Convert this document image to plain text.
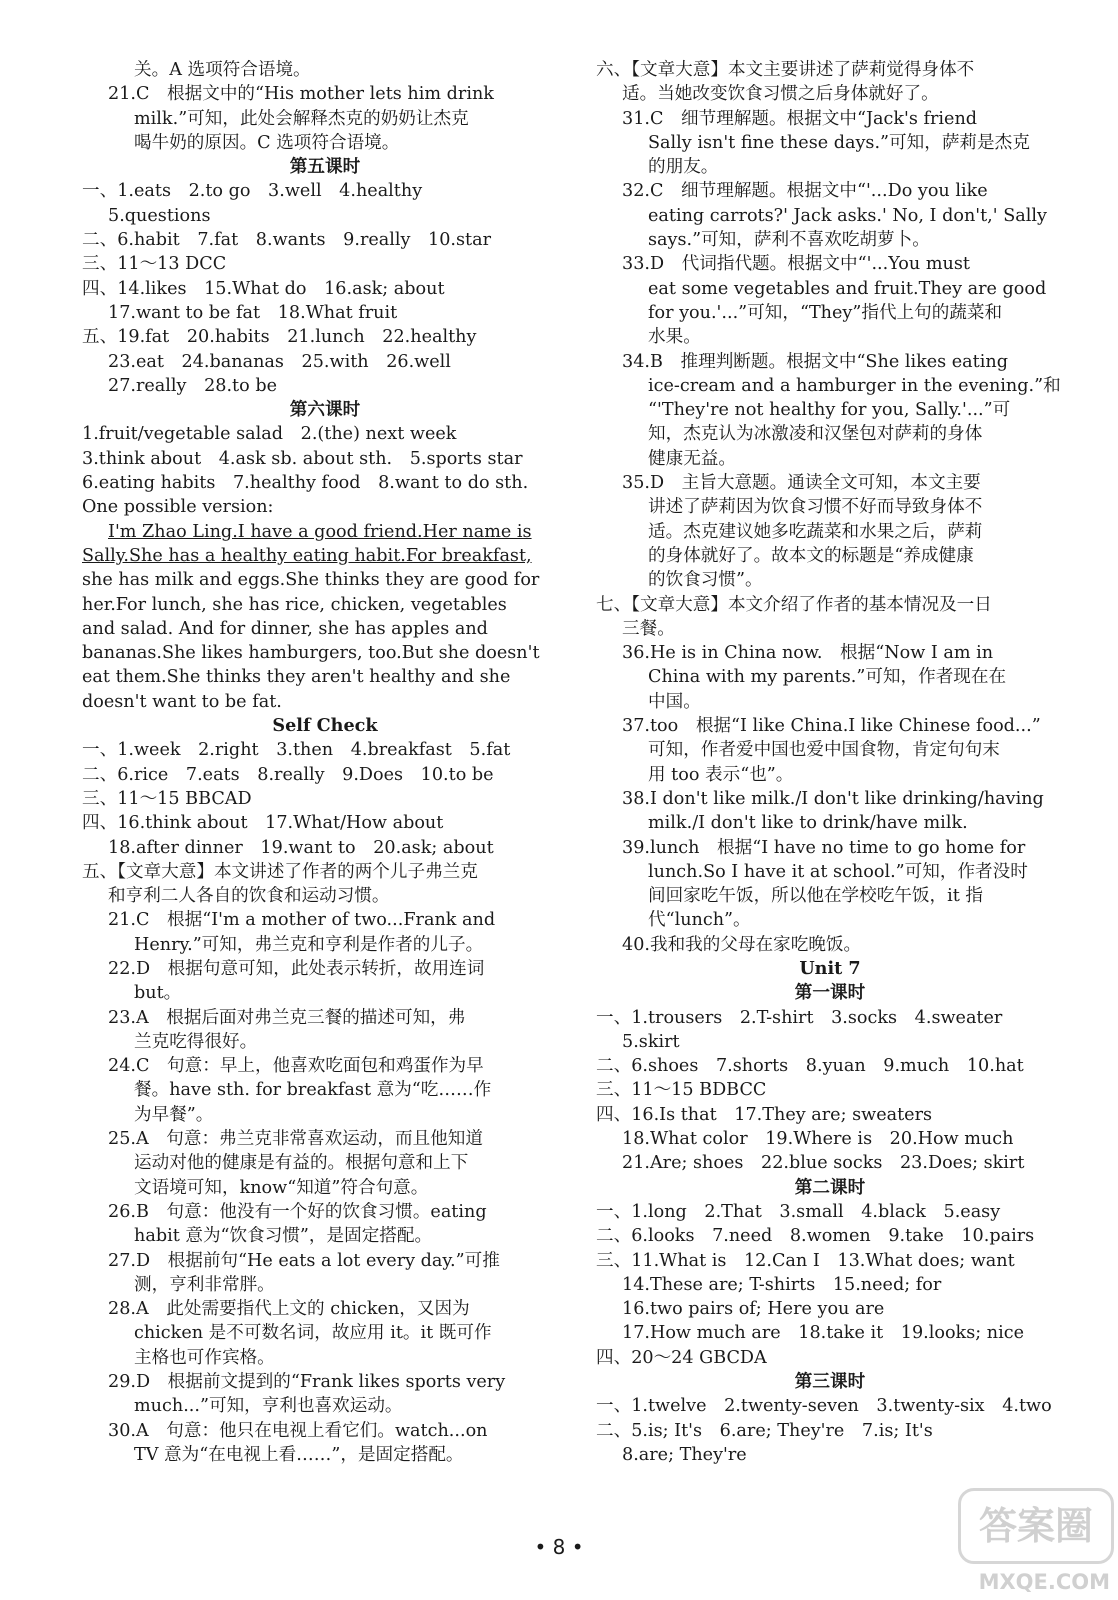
关。A 选项符合语境。
21.C　根据文中的“His mother lets him drink
milk.”可知，此处会解释杰克的奶奶让杰克
喝牛奶的原因。C 选项符合语境。
第五课时
一、1.eats　2.to go　3.well　4.healthy
5.questions
二、6.habit　7.fat　8.wants　9.really　10.star
三、11～13 DCC
四、14.likes　15.What do　16.ask; about
17.want to be fat　18.What fruit
五、19.fat　20.habits　21.lunch　22.healthy
23.eat　24.bananas　25.with　26.well
27.really　28.to be
第六课时
1.fruit/vegetable salad　2.(the) next week
3.think about　4.ask sb. about sth.　5.sports star
6.eating habits　7.healthy food　8.want to do sth.
One possible version:
I'm Zhao Ling.I have a good friend.Her name is
Sally.She has a healthy eating habit.For breakfast,
she has milk and eggs.She thinks they are good for
her.For lunch, she has rice, chicken, vegetables
and salad. And for dinner, she has apples and
bananas.She likes hamburgers, too.But she doesn't
eat them.She thinks they aren't healthy and she
doesn't want to be fat.
Self Check
一、1.week　2.right　3.then　4.breakfast　5.fat
二、6.rice　7.eats　8.really　9.Does　10.to be
三、11～15 BBCAD
四、16.think about　17.What/How about
18.after dinner　19.want to　20.ask; about
五、【文章大意】本文讲述了作者的两个儿子弗兰克
和亨利二人各自的饮食和运动习惯。
21.C　根据“I'm a mother of two...Frank and
Henry.”可知，弗兰克和亨利是作者的儿子。
22.D　根据句意可知，此处表示转折，故用连词
but。
23.A　根据后面对弗兰克三餐的描述可知，弗
兰克吃得很好。
24.C　句意：早上，他喜欢吃面包和鸡蛋作为早
餐。have sth. for breakfast 意为“吃……作
为早餐”。
25.A　句意：弗兰克非常喜欢运动，而且他知道
运动对他的健康是有益的。根据句意和上下
文语境可知，know“知道”符合句意。
26.B　句意：他没有一个好的饮食习惯。eating
habit 意为“饮食习惯”，是固定搭配。
27.D　根据前句“He eats a lot every day.”可推
测，亨利非常胖。
28.A　此处需要指代上文的 chicken，又因为
chicken 是不可数名词，故应用 it。it 既可作
主格也可作宾格。
29.D　根据前文提到的“Frank likes sports very
much...”可知，亨利也喜欢运动。
30.A　句意：他只在电视上看它们。watch...on
TV 意为“在电视上看……”，是固定搭配。
六、【文章大意】本文主要讲述了萨莉觉得身体不
适。当她改变饮食习惯之后身体就好了。
31.C　细节理解题。根据文中“Jack's friend
Sally isn't fine these days.”可知，萨莉是杰克
的朋友。
32.C　细节理解题。根据文中“'...Do you like
eating carrots?' Jack asks.' No, I don't,' Sally
says.”可知，萨利不喜欢吃胡萝卜。
33.D　代词指代题。根据文中“'...You must
eat some vegetables and fruit.They are good
for you.'...”可知，“They”指代上句的蔬菜和
水果。
34.B　推理判断题。根据文中“She likes eating
ice-cream and a hamburger in the evening.”和
“'They're not healthy for you, Sally.'...”可
知，杰克认为冰激凌和汉堡包对萨莉的身体
健康无益。
35.D　主旨大意题。通读全文可知，本文主要
讲述了萨莉因为饮食习惯不好而导致身体不
适。杰克建议她多吃蔬菜和水果之后，萨莉
的身体就好了。故本文的标题是“养成健康
的饮食习惯”。
七、【文章大意】本文介绍了作者的基本情况及一日
三餐。
36.He is in China now.　根据“Now I am in
China with my parents.”可知，作者现在在
中国。
37.too　根据“I like China.I like Chinese food...”
可知，作者爱中国也爱中国食物，肯定句句末
用 too 表示“也”。
38.I don't like milk./I don't like drinking/having
milk./I don't like to drink/have milk.
39.lunch　根据“I have no time to go home for
lunch.So I have it at school.”可知，作者没时
间回家吃午饭，所以他在学校吃午饭，it 指
代“lunch”。
40.我和我的父母在家吃晚饭。
Unit 7
第一课时
一、1.trousers　2.T-shirt　3.socks　4.sweater
5.skirt
二、6.shoes　7.shorts　8.yuan　9.much　10.hat
三、11～15 BDBCC
四、16.Is that　17.They are; sweaters
18.What color　19.Where is　20.How much
21.Are; shoes　22.blue socks　23.Does; skirt
第二课时
一、1.long　2.That　3.small　4.black　5.easy
二、6.looks　7.need　8.women　9.take　10.pairs
三、11.What is　12.Can I　13.What does; want
14.These are; T-shirts　15.need; for
16.two pairs of; Here you are
17.How much are　18.take it　19.looks; nice
四、20～24 GBCDA
第三课时
一、1.twelve　2.twenty-seven　3.twenty-six　4.two
二、5.is; It's　6.are; They're　7.is; It's
8.are; They're
• 8 •	答案圈
MXQE.COM
